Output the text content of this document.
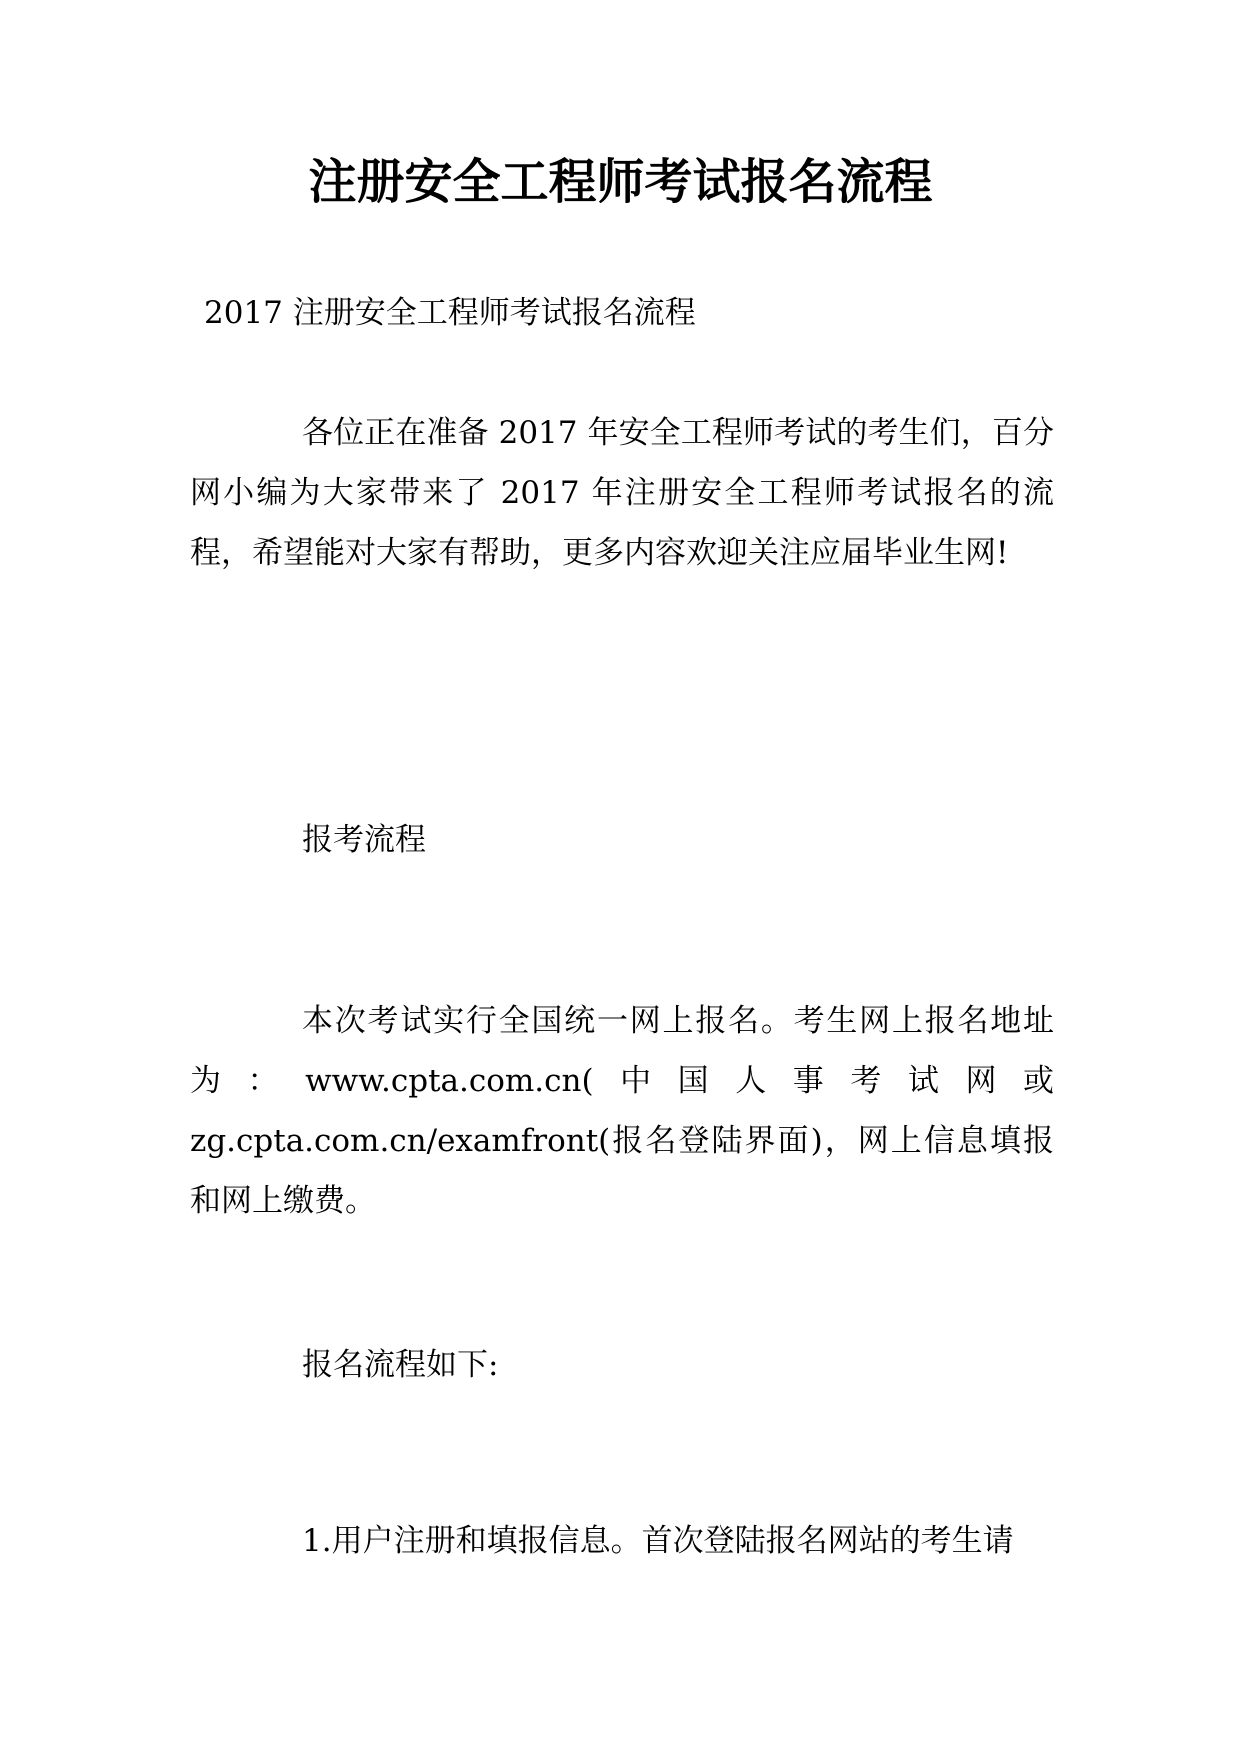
注册安全工程师考试报名流程
2017 注册安全工程师考试报名流程
各位正在准备 2017 年安全工程师考试的考生们，百分网小编为大家带来了 2017 年注册安全工程师考试报名的流程，希望能对大家有帮助，更多内容欢迎关注应届毕业生网!
报考流程
本次考试实行全国统一网上报名。考生网上报名地址为：www.cpta.com.cn(中国人事考试网或zg.cpta.com.cn/examfront(报名登陆界面)，网上信息填报和网上缴费。
报名流程如下:
1.用户注册和填报信息。首次登陆报名网站的考生请
